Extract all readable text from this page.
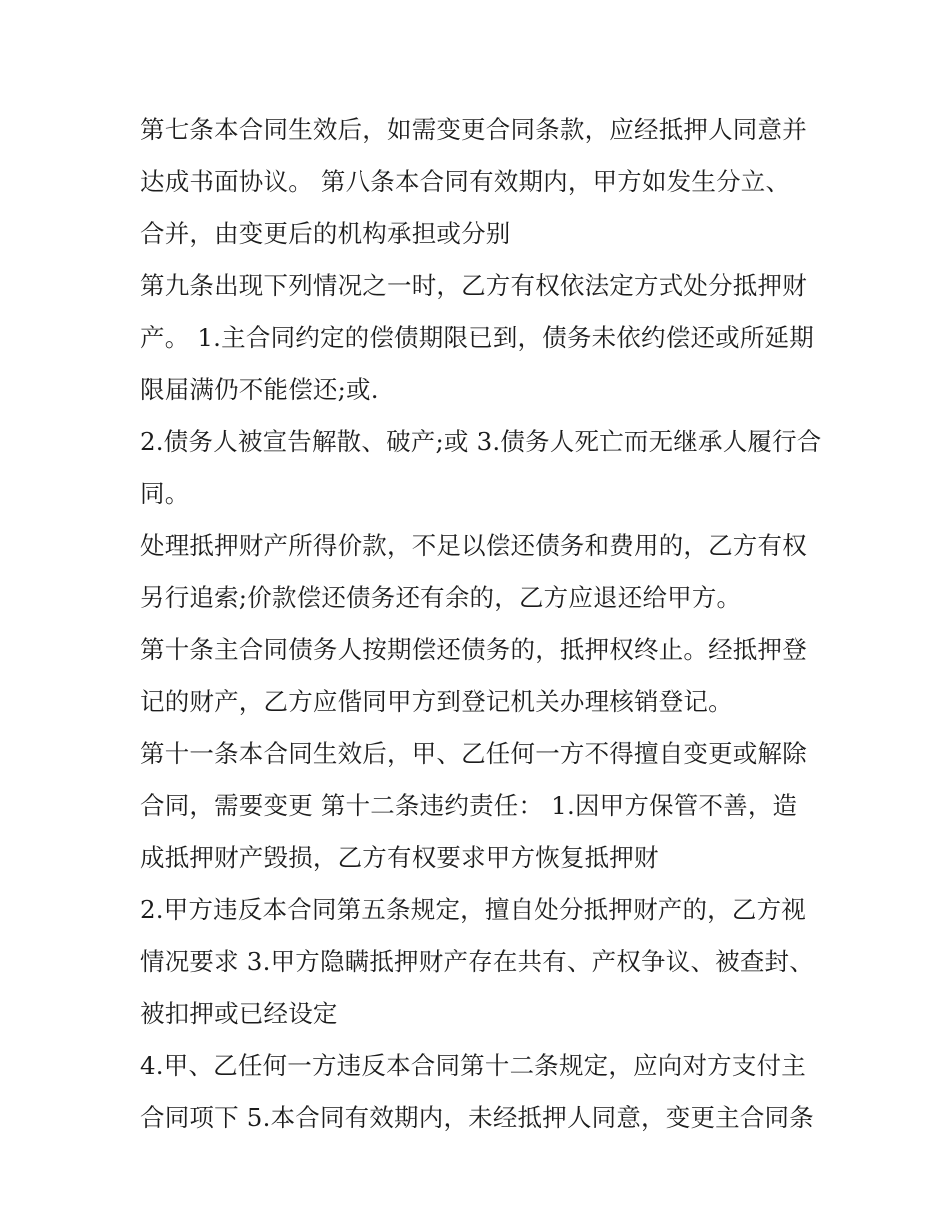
第七条本合同生效后，如需变更合同条款，应经抵押人同意并
达成书面协议。 第八条本合同有效期内，甲方如发生分立、
合并，由变更后的机构承担或分别
第九条出现下列情况之一时，乙方有权依法定方式处分抵押财
产。 1.主合同约定的偿债期限已到，债务未依约偿还或所延期
限届满仍不能偿还;或.
2.债务人被宣告解散、破产;或 3.债务人死亡而无继承人履行合
同。
处理抵押财产所得价款，不足以偿还债务和费用的，乙方有权
另行追索;价款偿还债务还有余的，乙方应退还给甲方。
第十条主合同债务人按期偿还债务的，抵押权终止。经抵押登
记的财产，乙方应偕同甲方到登记机关办理核销登记。
第十一条本合同生效后，甲、乙任何一方不得擅自变更或解除
合同，需要变更 第十二条违约责任： 1.因甲方保管不善，造
成抵押财产毁损，乙方有权要求甲方恢复抵押财
2.甲方违反本合同第五条规定，擅自处分抵押财产的，乙方视
情况要求 3.甲方隐瞒抵押财产存在共有、产权争议、被查封、
被扣押或已经设定
4.甲、乙任何一方违反本合同第十二条规定，应向对方支付主
合同项下 5.本合同有效期内，未经抵押人同意，变更主合同条
